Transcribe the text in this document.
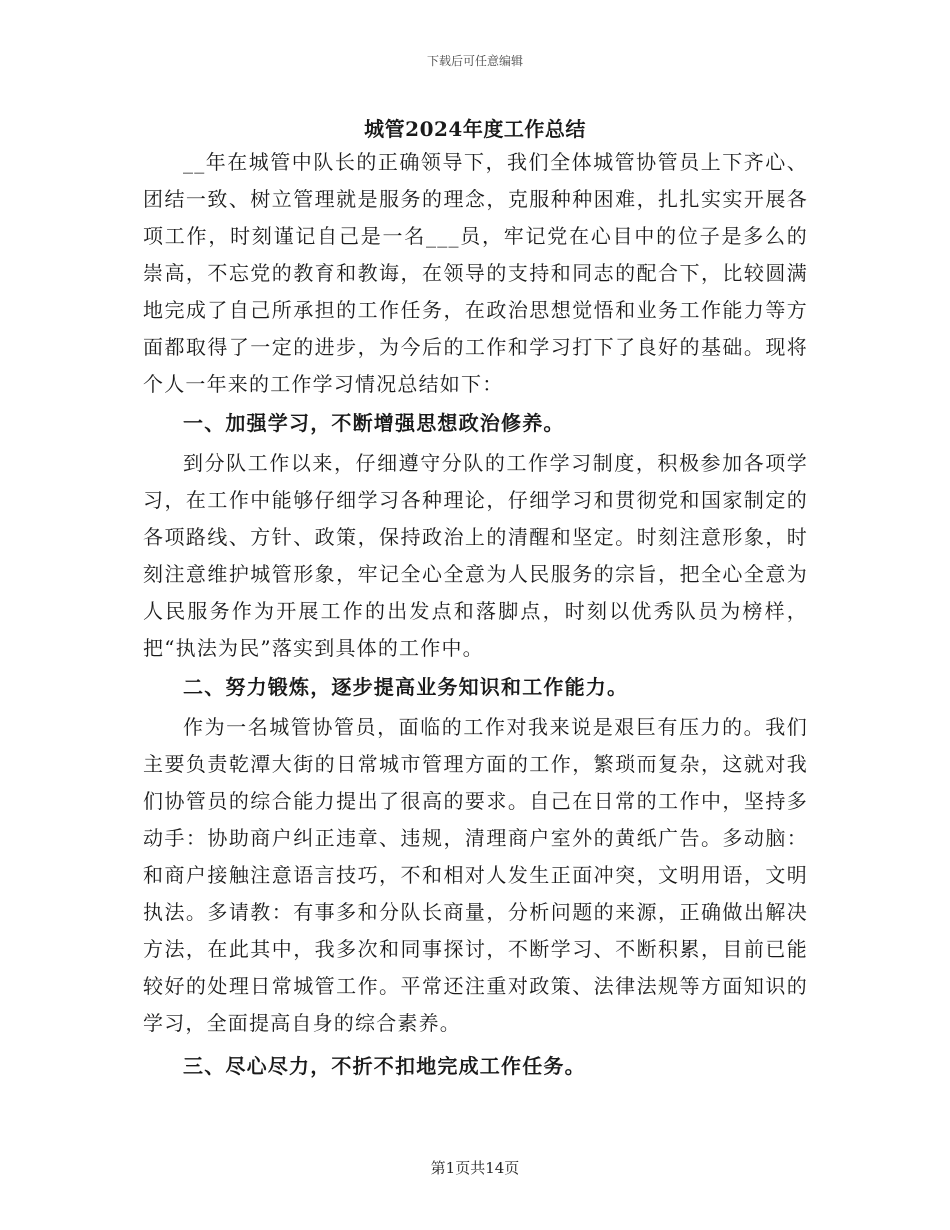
下载后可任意编辑
城管2024年度工作总结

__年在城管中队长的正确领导下，我们全体城管协管员上下齐心、团结一致、树立管理就是服务的理念，克服种种困难，扎扎实实开展各项工作，时刻谨记自己是一名___员，牢记党在心目中的位子是多么的崇高，不忘党的教育和教诲，在领导的支持和同志的配合下，比较圆满地完成了自己所承担的工作任务，在政治思想觉悟和业务工作能力等方面都取得了一定的进步，为今后的工作和学习打下了良好的基础。现将个人一年来的工作学习情况总结如下：

一、加强学习，不断增强思想政治修养。

到分队工作以来，仔细遵守分队的工作学习制度，积极参加各项学习，在工作中能够仔细学习各种理论，仔细学习和贯彻党和国家制定的各项路线、方针、政策，保持政治上的清醒和坚定。时刻注意形象，时刻注意维护城管形象，牢记全心全意为人民服务的宗旨，把全心全意为人民服务作为开展工作的出发点和落脚点，时刻以优秀队员为榜样，把“执法为民”落实到具体的工作中。

二、努力锻炼，逐步提高业务知识和工作能力。

作为一名城管协管员，面临的工作对我来说是艰巨有压力的。我们主要负责乾潭大街的日常城市管理方面的工作，繁琐而复杂，这就对我们协管员的综合能力提出了很高的要求。自己在日常的工作中，坚持多动手：协助商户纠正违章、违规，清理商户室外的黄纸广告。多动脑：和商户接触注意语言技巧，不和相对人发生正面冲突，文明用语，文明执法。多请教：有事多和分队长商量，分析问题的来源，正确做出解决方法，在此其中，我多次和同事探讨，不断学习、不断积累，目前已能较好的处理日常城管工作。平常还注重对政策、法律法规等方面知识的学习，全面提高自身的综合素养。

三、尽心尽力，不折不扣地完成工作任务。

第1页共14页
